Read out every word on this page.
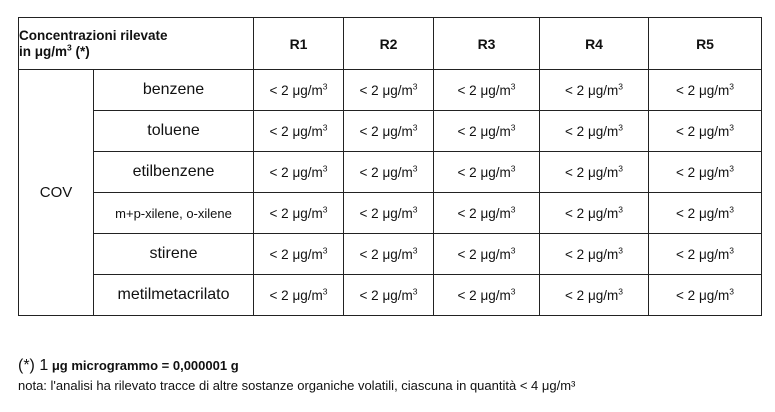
Concentrazioni rilevate
in $\mu g/m^3$ (*)		R1	R2	R3	R4	R5
COV	benzene	< 2 $\mu g/m^3$	< 2 $\mu g/m^3$	< 2 $\mu g/m^3$	< 2 $\mu g/m^3$	< 2 $\mu g/m^3$
	toluene	< 2 $\mu g/m^3$	< 2 $\mu g/m^3$	< 2 $\mu g/m^3$	< 2 $\mu g/m^3$	< 2 $\mu g/m^3$
	etilbenzene	< 2 $\mu g/m^3$	< 2 $\mu g/m^3$	< 2 $\mu g/m^3$	< 2 $\mu g/m^3$	< 2 $\mu g/m^3$
	m+p-xilene, o-xilene	< 2 $\mu g/m^3$	< 2 $\mu g/m^3$	< 2 $\mu g/m^3$	< 2 $\mu g/m^3$	< 2 $\mu g/m^3$
	stirene	< 2 $\mu g/m^3$	< 2 $\mu g/m^3$	< 2 $\mu g/m^3$	< 2 $\mu g/m^3$	< 2 $\mu g/m^3$
	metilmetacrilato	< 2 $\mu g/m^3$	< 2 $\mu g/m^3$	< 2 $\mu g/m^3$	< 2 $\mu g/m^3$	< 2 $\mu g/m^3$
(*) 1 μg microgrammo = 0,000001 g
nota: l'analisi ha rilevato tracce di altre sostanze organiche volatili, ciascuna in quantità < 4 μg/m³
